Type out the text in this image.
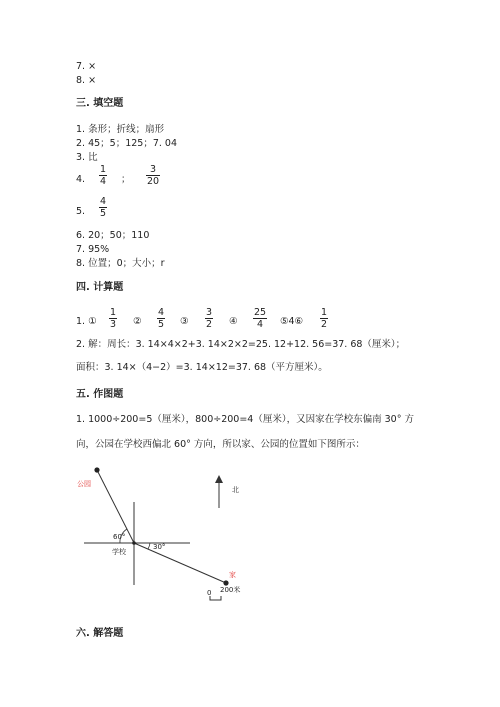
7. ×
8. ×
三. 填空题
1. 条形；折线；扇形
2. 45；5；125；7. 04
3. 比
4.
1
4 ；
3
20
5.
4
5
6. 20；50；110
7. 95%
8. 位置；0；大小；r
四. 计算题
1. ①
1
3 ②
4
5 ③
3
2 ④
25
4 ⑤4⑥
1
2
2. 解：周长：3. 14×4×2+3. 14×2×2=25. 12+12. 56=37. 68（厘米）；
面积：3. 14×（4−2）=3. 14×12=37. 68（平方厘米）。
五. 作图题
1. 1000÷200=5（厘米），800÷200=4（厘米），又因家在学校东偏南 30° 方
向，公园在学校西偏北 60° 方向，所以家、公园的位置如下图所示：
公园
60°
30°
学校
家
北
0 200米
六. 解答题
